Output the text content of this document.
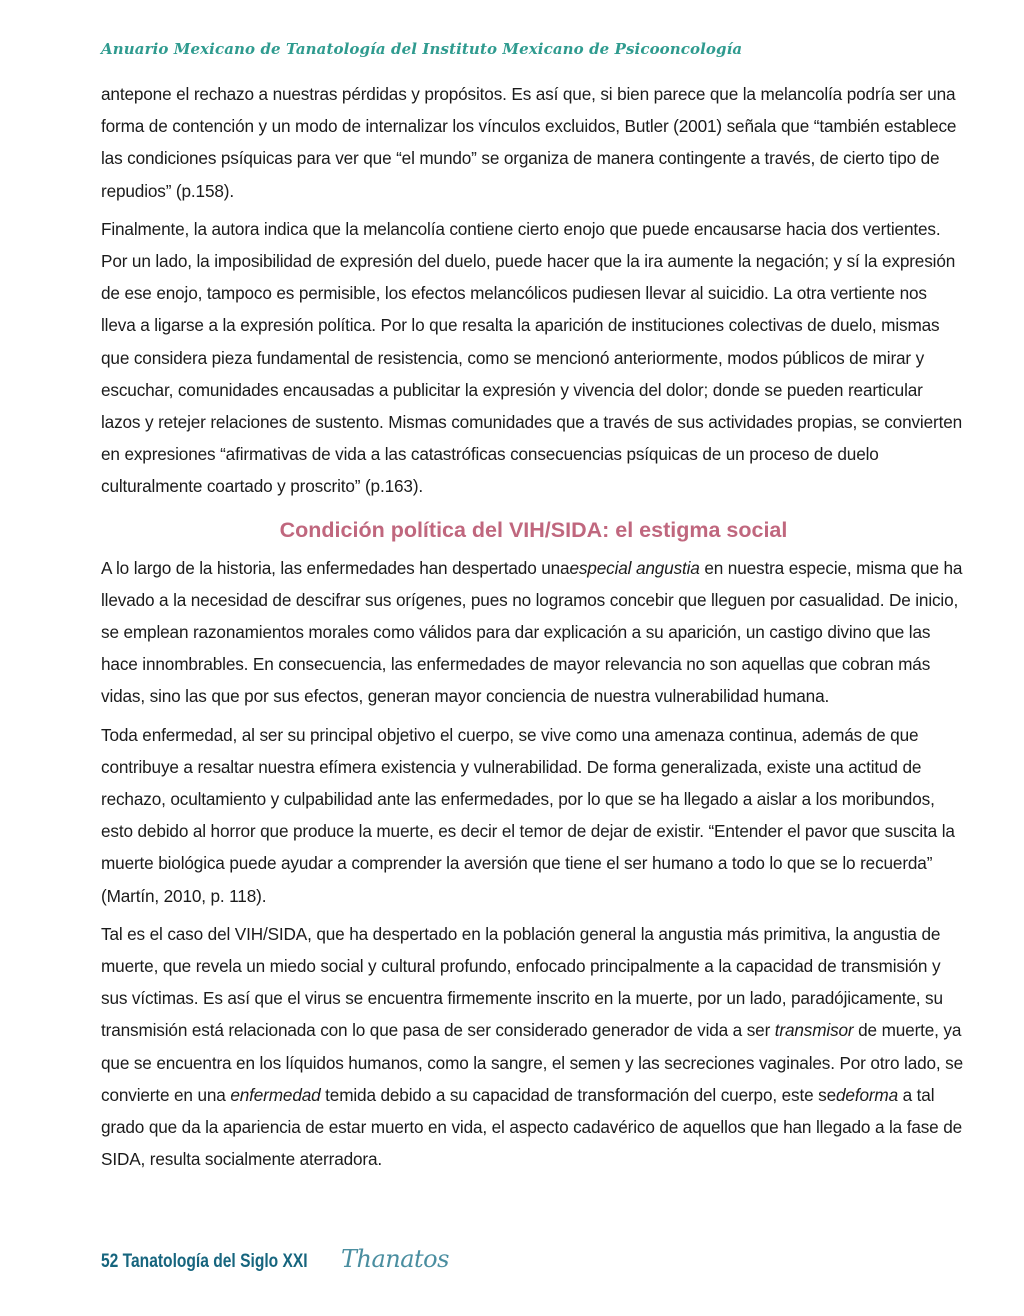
Anuario Mexicano de Tanatología del Instituto Mexicano de Psicooncología

antepone el rechazo a nuestras pérdidas y propósitos. Es así que, si bien parece que la melancolía podría ser una forma de contención y un modo de internalizar los vínculos excluidos, Butler (2001) señala que “también establece las condiciones psíquicas para ver que “el mundo” se organiza de manera contingente a través, de cierto tipo de repudios” (p.158).

Finalmente, la autora indica que la melancolía contiene cierto enojo que puede encausarse hacia dos vertientes. Por un lado, la imposibilidad de expresión del duelo, puede hacer que la ira aumente la negación; y sí la expresión de ese enojo, tampoco es permisible, los efectos melancólicos pudiesen llevar al suicidio. La otra vertiente nos lleva a ligarse a la expresión política. Por lo que resalta la aparición de instituciones colectivas de duelo, mismas que considera pieza fundamental de resistencia, como se mencionó anteriormente, modos públicos de mirar y escuchar, comunidades encausadas a publicitar la expresión y vivencia del dolor; donde se pueden rearticular lazos y retejer relaciones de sustento. Mismas comunidades que a través de sus actividades propias, se convierten en expresiones “afirmativas de vida a las catastróficas consecuencias psíquicas de un proceso de duelo culturalmente coartado y proscrito” (p.163).

Condición política del VIH/SIDA: el estigma social

A lo largo de la historia, las enfermedades han despertado unaespecial angustia en nuestra especie, misma que ha llevado a la necesidad de descifrar sus orígenes, pues no logramos concebir que lleguen por casualidad. De inicio, se emplean razonamientos morales como válidos para dar explicación a su aparición, un castigo divino que las hace innombrables. En consecuencia, las enfermedades de mayor relevancia no son aquellas que cobran más vidas, sino las que por sus efectos, generan mayor conciencia de nuestra vulnerabilidad humana.

Toda enfermedad, al ser su principal objetivo el cuerpo, se vive como una amenaza continua, además de que contribuye a resaltar nuestra efímera existencia y vulnerabilidad. De forma generalizada, existe una actitud de rechazo, ocultamiento y culpabilidad ante las enfermedades, por lo que se ha llegado a aislar a los moribundos, esto debido al horror que produce la muerte, es decir el temor de dejar de existir. “Entender el pavor que suscita la muerte biológica puede ayudar a comprender la aversión que tiene el ser humano a todo lo que se lo recuerda” (Martín, 2010, p. 118).

Tal es el caso del VIH/SIDA, que ha despertado en la población general la angustia más primitiva, la angustia de muerte, que revela un miedo social y cultural profundo, enfocado principalmente a la capacidad de transmisión y sus víctimas. Es así que el virus se encuentra firmemente inscrito en la muerte, por un lado, paradójicamente, su transmisión está relacionada con lo que pasa de ser considerado generador de vida a ser transmisor de muerte, ya que se encuentra en los líquidos humanos, como la sangre, el semen y las secreciones vaginales. Por otro lado, se convierte en una enfermedad temida debido a su capacidad de transformación del cuerpo, este sedeforma a tal grado que da la apariencia de estar muerto en vida, el aspecto cadavérico de aquellos que han llegado a la fase de SIDA, resulta socialmente aterradora.

52 Tanatología del Siglo XXI Thanatos
